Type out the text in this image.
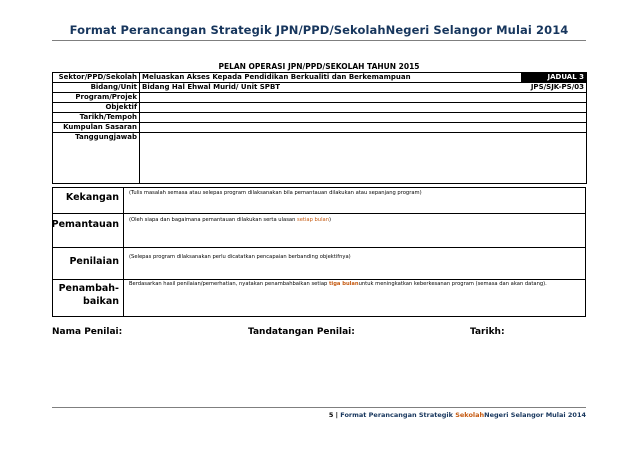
Format Perancangan Strategik JPN/PPD/SekolahNegeri Selangor Mulai 2014
PELAN OPERASI JPN/PPD/SEKOLAH TAHUN 2015
Sektor/PPD/Sekolah	Meluaskan Akses Kepada Pendidikan Berkualiti dan Berkemampuan	JADUAL 3
Bidang/Unit	Bidang Hal Ehwal Murid/ Unit SPBT	JPS/SJK-PS/03
Program/Projek		
Objektif		
Tarikh/Tempoh		
Kumpulan Sasaran		
Tanggungjawab		
Kekangan (Tulis masalah semasa atau selepas program dilaksanakan bila pemantauan dilakukan atau sepanjang program)
Pemantauan (Oleh siapa dan bagaimana pemantauan dilakukan serta ulasan setiap bulan)
Penilaian (Selepas program dilaksanakan perlu dicatatkan pencapaian berbanding objektifnya)
Penambah-
baikan
Berdasarkan hasil penilaian/pemerhatian, nyatakan penambahbaikan setiap tiga bulanuntuk meningkatkan keberkesanan program (semasa dan akan datang).
Nama Penilai:	Tandatangan Penilai:	Tarikh:
5 | Format Perancangan Strategik SekolahNegeri Selangor Mulai 2014
